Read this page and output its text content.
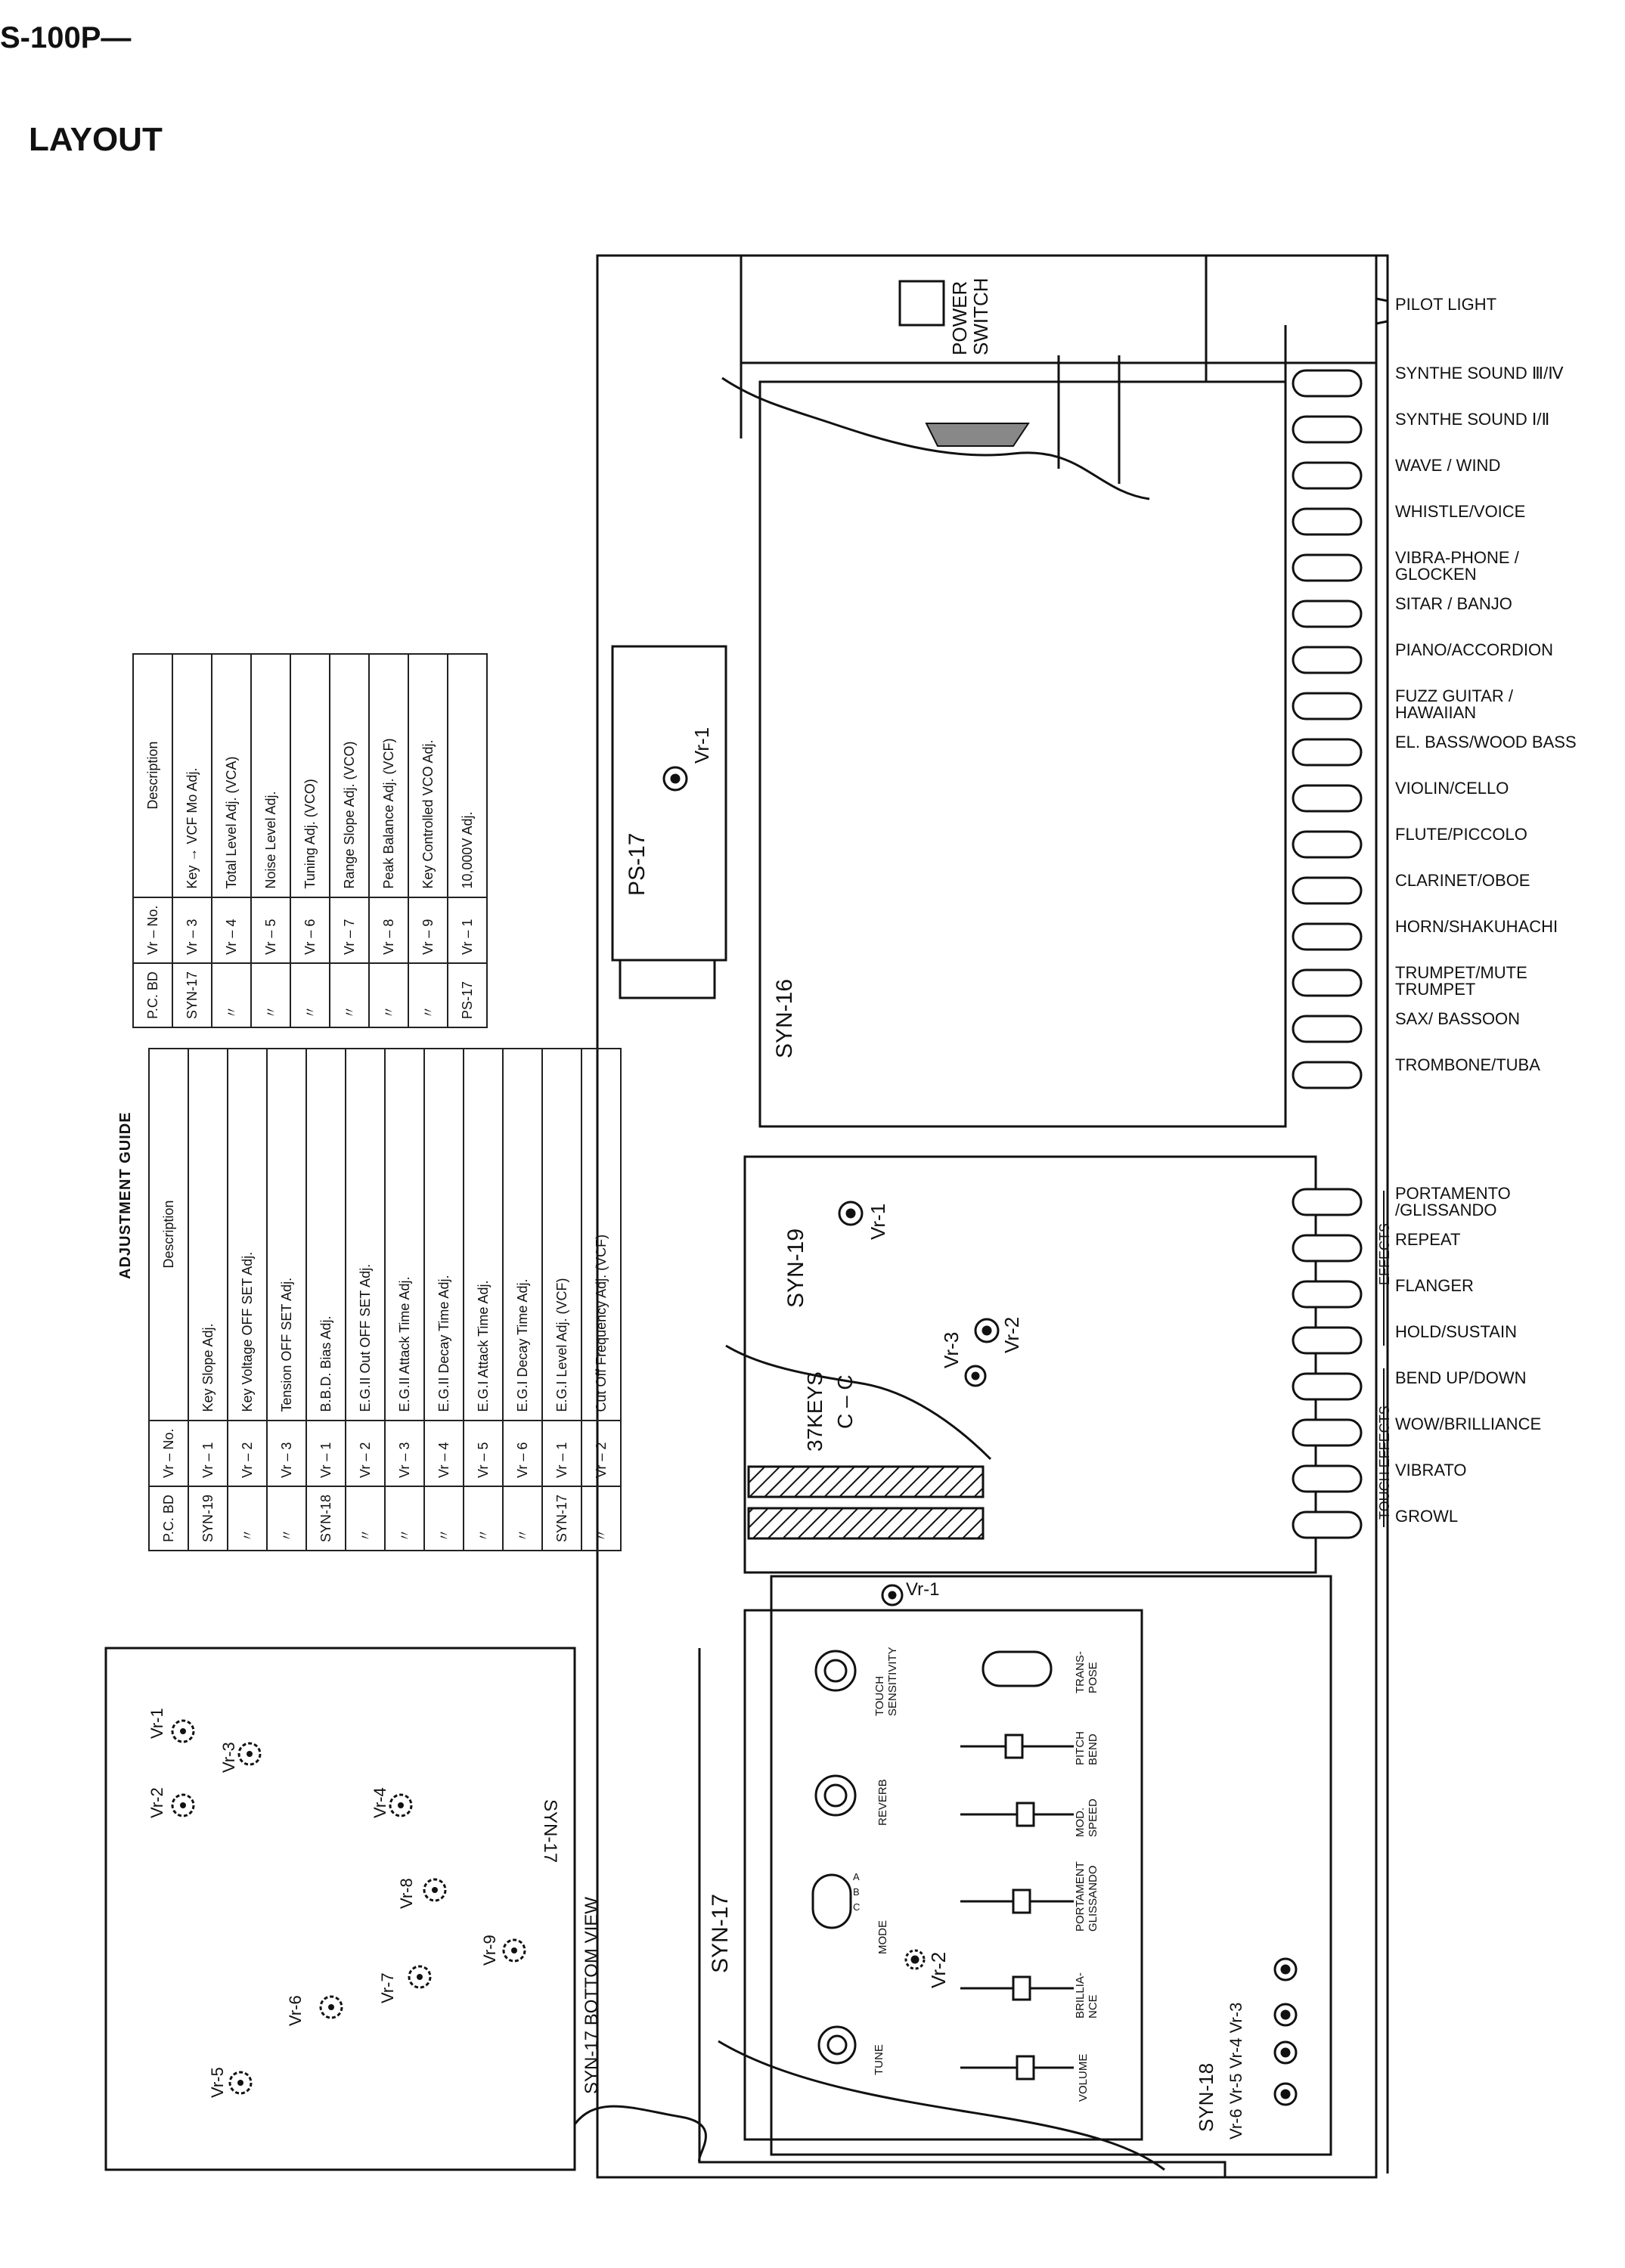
S-100P—
LAYOUT
ADJUSTMENT GUIDE
P.C. BD	Vr – No.	Description
SYN-19	Vr – 1	Key Slope Adj.
〃	Vr – 2	Key Voltage OFF SET Adj.
〃	Vr – 3	Tension OFF SET Adj.
SYN-18	Vr – 1	B.B.D. Bias Adj.
〃	Vr – 2	E.G.II Out OFF SET Adj.
〃	Vr – 3	E.G.II Attack Time Adj.
〃	Vr – 4	E.G.II Decay Time Adj.
〃	Vr – 5	E.G.I Attack Time Adj.
〃	Vr – 6	E.G.I Decay Time Adj.
SYN-17	Vr – 1	E.G.I Level Adj. (VCF)
〃	Vr – 2	Cut Off Frequency Adj. (VCF)
P.C. BD	Vr – No.	Description
SYN-17	Vr – 3	Key → VCF Mo Adj.
〃	Vr – 4	Total Level Adj. (VCA)
〃	Vr – 5	Noise Level Adj.
〃	Vr – 6	Tuning Adj. (VCO)
〃	Vr – 7	Range Slope Adj. (VCO)
〃	Vr – 8	Peak Balance Adj. (VCF)
〃	Vr – 9	Key Controlled VCO Adj.
PS-17	Vr – 1	10,000V Adj.
PILOT LIGHT
SYNTHE SOUND Ⅲ/Ⅳ
SYNTHE SOUND Ⅰ/Ⅱ
WAVE / WIND
WHISTLE/VOICE
VIBRA-PHONE / GLOCKEN
SITAR / BANJO
PIANO/ACCORDION
FUZZ GUITAR / HAWAIIAN
EL. BASS/WOOD BASS
VIOLIN/CELLO
FLUTE/PICCOLO
CLARINET/OBOE
HORN/SHAKUHACHI
TRUMPET/MUTE TRUMPET
SAX/ BASSOON
TROMBONE/TUBA
PORTAMENTO /GLISSANDO
REPEAT
FLANGER
HOLD/SUSTAIN
BEND UP/DOWN
WOW/BRILLIANCE
VIBRATO
GROWL
EFFECTS
TOUCH EFFECTS
POWER SWITCH
PS-17
Vr-1
SYN-16
SYN-19
Vr-1
Vr-2
Vr-3
37KEYS C – C
SYN-17
Vr-1
Vr-2
SYN-18 Vr-6 Vr-5 Vr-4 Vr-3
TOUCH SENSITIVITY	TRANS-POSE
REVERB
PITCH BEND
MOD. SPEED
PORTAMENT GLISSANDO
MODE
A
B
C
BRILLIA-NCE
VOLUME
TUNE
SYN-17
SYN-17 BOTTOM VIEW
Vr-1
Vr-2
Vr-3
Vr-4
Vr-5
Vr-6
Vr-7
Vr-8
Vr-9
